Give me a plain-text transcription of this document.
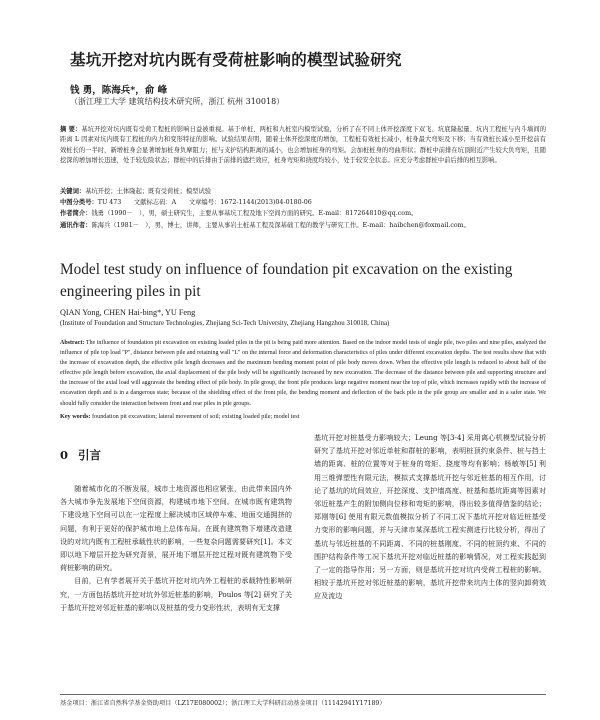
基坑开挖对坑内既有受荷桩影响的模型试验研究
钱 勇，陈海兵*，俞 峰
（浙江理工大学 建筑结构技术研究所，浙江 杭州 310018）
摘 要：基坑开挖对坑内既有受荷工程桩的影响日益被重视。基于单桩、两桩和九桩室内模型试验，分析了在不同上体开挖深度下双飞、坑底隆起量、坑内工程桩与内斗墙间的距离 L 因素对坑内既有工程桩的内力和变形特征的影响。试验结果表明，随着土体开挖深度的增加，工程桩有效桩长减小，桩身最大弯矩及下移；当有效桩长减小至开挖前有效桩长的一半时，新增桩身会显著增加桩身负摩阻力；桩与支护结构距离的减小，也会增加桩身的弯矩。会加桩桩身的弯曲形状；群桩中前排在坑顶附近产生较大负弯矩，且随挖深的增加增长迅速，处于较危险状态；群桩中的后排由于前排的遮拦效应，桩身弯矩和挠度均较小，处于较安全状态。应充分考虑群桩中前后排的相互影响。
关键词：基坑开挖；土体隆起；既有受荷桩；模型试验
中图分类号：TU 473　　文献标志码：A　　文章编号：1672-1144(2013)04-0180-06
作者简介：钱勇（1990－　），男，硕士研究生，主要从事基坑工程及地下空间方面的研究。E-mail：817264810@qq.com。
通讯作者：陈海兵（1981－　），男，博士，讲师，主要从事岩土桩基工程及深基础工程的教学与研究工作。E-mail：haibchen@foxmail.com。
Model test study on influence of foundation pit excavation on the existing engineering piles in pit
QIAN Yong, CHEN Hai-bing*, YU Feng
(Institute of Foundation and Structure Technologies, Zhejiang Sci-Tech University, Zhejiang Hangzhou 310018, China)
Abstract: The influence of foundation pit excavation on existing loaded piles in the pit is being paid more attention. Based on the indoor model tests of single pile, two piles and nine piles, analyzed the influence of pile top load "P", distance between pile and retaining wall "L" on the internal force and deformation characteristics of piles under different excavation depths. The test results show that with the increase of excavation depth, the effective pile length decreases and the maximum bending moment point of pile body moves down. When the effective pile length is reduced to about half of the effective pile length before excavation, the axial displacement of the pile body will be significantly increased by new excavation. The decrease of the distance between pile and supporting structure and the increase of the axial load will aggravate the bending effect of pile body. In pile group, the front pile produces large negative moment near the top of pile, which increases rapidly with the increase of excavation depth and is in a dangerous state; because of the shielding effect of the front pile, the bending moment and deflection of the back pile in the pile group are smaller and in a safer state. We should fully consider the interaction between front and rear piles in pile groups.
Key words: foundation pit excavation; lateral movement of soil; existing loaded pile; model test
0 引言

随着城市化的不断发展，城市土地资源也相应紧张，由此带来国内外各大城市争先发展地下空间资源，构建城市地下空间。在城市既有建筑物下建设地下空间可以在一定程度上解决城市区域停车难、地面交通拥挤的问题，有利于更好的保护城市地上总体布局。在既有建筑物下增建改造建设的对坑内既有工程桩承载性状的影响，一些复杂问题需要研究[1]。本文即以地下增层开挖为研究背景，展开地下增层开挖过程对既有建筑物下受荷桩影响的研究。

目前，已有学者展开关于基坑开挖对坑内外工程桩的承载特性影响研究，一方面包括基坑开挖对坑外邻近桩基的影响，Poulos 等[2] 研究了关于基坑开挖对邻近桩基的影响以及桩基的受力变形性状，表明有无支撑

基坑开挖对桩基受力影响较大；Leung 等[3-4] 采用离心机模型试验分析研究了基坑开挖对邻近单桩和群桩的影响，表明桩顶约束条件、桩与挡土墙的距离、桩的位置等对于桩身的弯矩、挠度等均有影响；杨敏等[5] 利用三维弹塑性有限元法，模拟式支撑基坑开挖与邻近桩基的相互作用，讨论了基坑的坑间效应，开挖深度、支护墙高度、桩基和基坑距离等因素对邻近桩基产生的附加侧向位移和弯矩的影响，得出较多值得借鉴的结论；郑刚等[6] 使用有限元数值模拟分析了不同工况下基坑开挖对临近桩基受力变形的影响问题，并与天津市某深基坑工程实测进行比较分析，得出了基坑与邻近桩基的不同距离、不同的桩基刚度、不同的桩顶约束、不同的围护结构条件等工况下基坑开挖对临近桩基的影响情况，对工程实践起到了一定的指导作用；另一方面，则是基坑开挖对坑内受荷工程桩的影响。相较于基坑开挖对邻近桩基的影响，基坑开挖带来坑内土体的竖向卸荷效应及流边

基金项目：浙江省自然科学基金资助项目（LZ17E080002）；浙江理工大学科研启动基金项目（11142941Y17189）
